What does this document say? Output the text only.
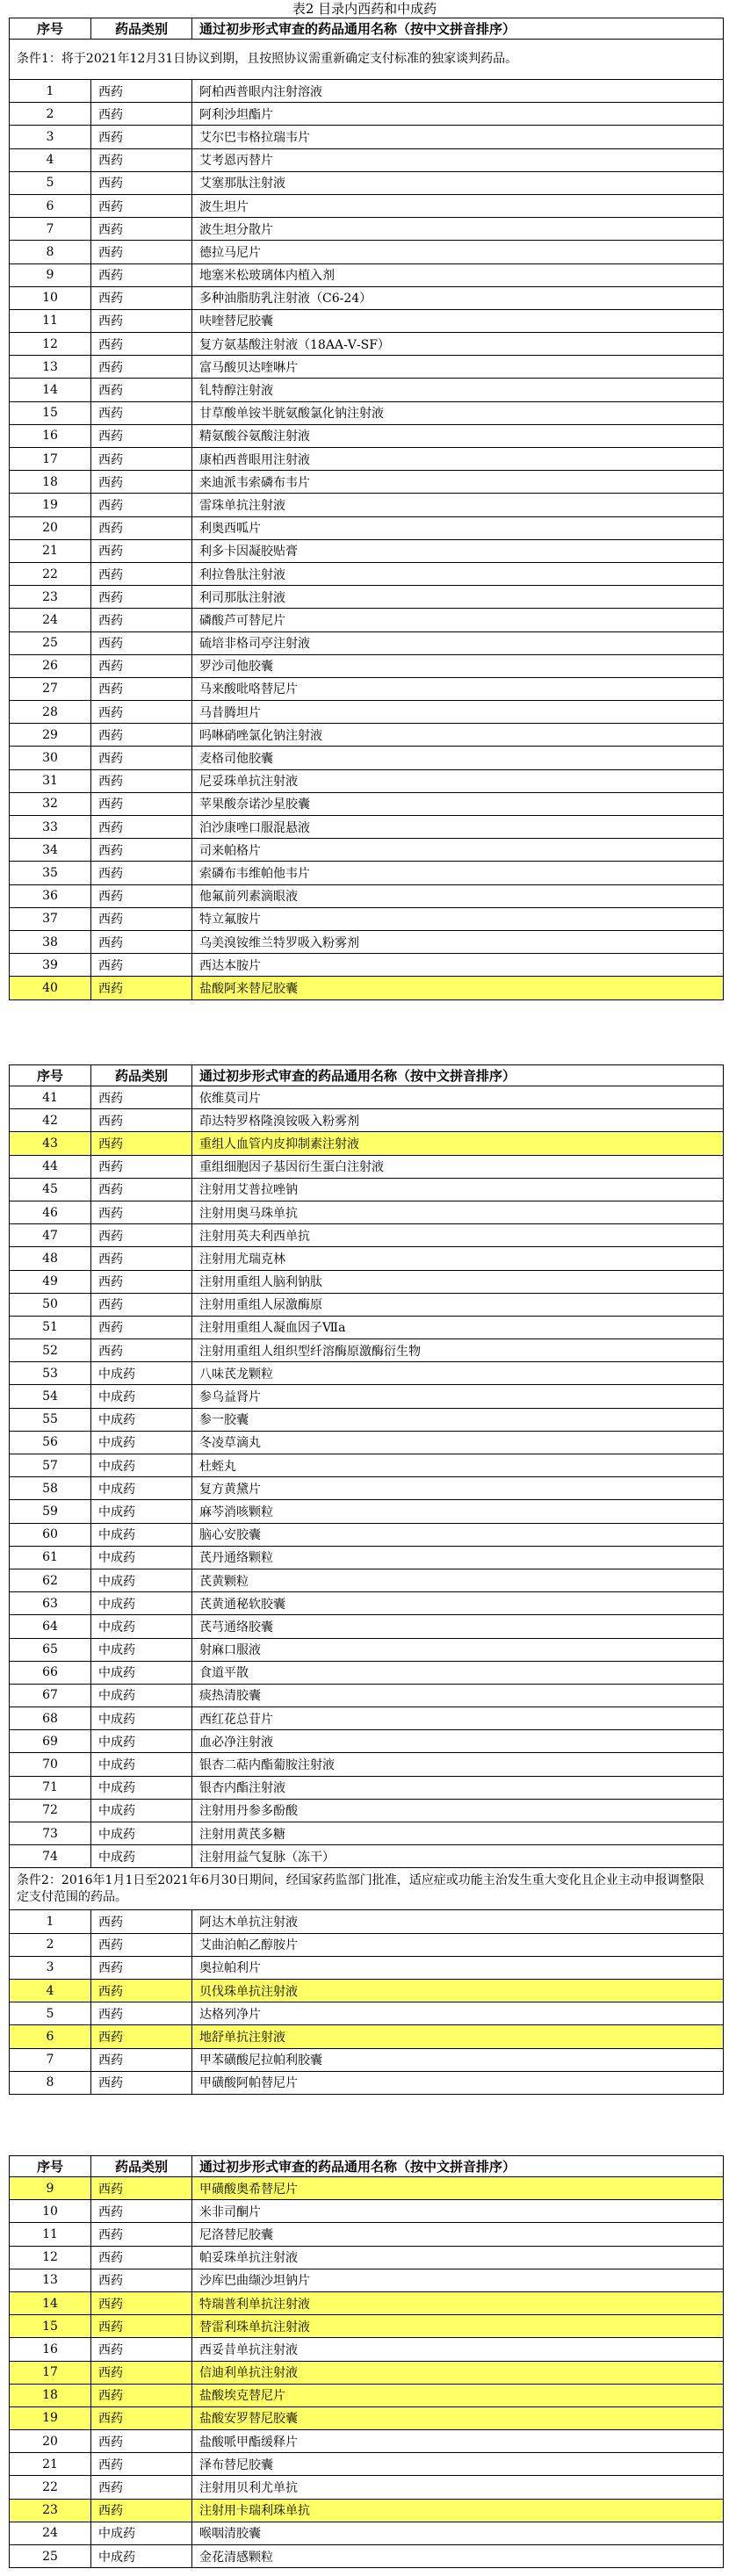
表2 目录内西药和中成药
序号	药品类别	通过初步形式审查的药品通用名称（按中文拼音排序）
条件1：将于2021年12月31日协议到期，且按照协议需重新确定支付标准的独家谈判药品。		
1	西药	阿柏西普眼内注射溶液
2	西药	阿利沙坦酯片
3	西药	艾尔巴韦格拉瑞韦片
4	西药	艾考恩丙替片
5	西药	艾塞那肽注射液
6	西药	波生坦片
7	西药	波生坦分散片
8	西药	德拉马尼片
9	西药	地塞米松玻璃体内植入剂
10	西药	多种油脂肪乳注射液（C6-24）
11	西药	呋喹替尼胶囊
12	西药	复方氨基酸注射液（18AA-Ⅴ-SF）
13	西药	富马酸贝达喹啉片
14	西药	钆特醇注射液
15	西药	甘草酸单铵半胱氨酸氯化钠注射液
16	西药	精氨酸谷氨酸注射液
17	西药	康柏西普眼用注射液
18	西药	来迪派韦索磷布韦片
19	西药	雷珠单抗注射液
20	西药	利奥西呱片
21	西药	利多卡因凝胶贴膏
22	西药	利拉鲁肽注射液
23	西药	利司那肽注射液
24	西药	磷酸芦可替尼片
25	西药	硫培非格司亭注射液
26	西药	罗沙司他胶囊
27	西药	马来酸吡咯替尼片
28	西药	马昔腾坦片
29	西药	吗啉硝唑氯化钠注射液
30	西药	麦格司他胶囊
31	西药	尼妥珠单抗注射液
32	西药	苹果酸奈诺沙星胶囊
33	西药	泊沙康唑口服混悬液
34	西药	司来帕格片
35	西药	索磷布韦维帕他韦片
36	西药	他氟前列素滴眼液
37	西药	特立氟胺片
38	西药	乌美溴铵维兰特罗吸入粉雾剂
39	西药	西达本胺片
40	西药	盐酸阿来替尼胶囊
序号	药品类别	通过初步形式审查的药品通用名称（按中文拼音排序）
41	西药	依维莫司片
42	西药	茚达特罗格隆溴铵吸入粉雾剂
43	西药	重组人血管内皮抑制素注射液
44	西药	重组细胞因子基因衍生蛋白注射液
45	西药	注射用艾普拉唑钠
46	西药	注射用奥马珠单抗
47	西药	注射用英夫利西单抗
48	西药	注射用尤瑞克林
49	西药	注射用重组人脑利钠肽
50	西药	注射用重组人尿激酶原
51	西药	注射用重组人凝血因子Ⅶa
52	西药	注射用重组人组织型纤溶酶原激酶衍生物
53	中成药	八味芪龙颗粒
54	中成药	参乌益肾片
55	中成药	参一胶囊
56	中成药	冬凌草滴丸
57	中成药	杜蛭丸
58	中成药	复方黄黛片
59	中成药	麻芩消咳颗粒
60	中成药	脑心安胶囊
61	中成药	芪丹通络颗粒
62	中成药	芪黄颗粒
63	中成药	芪黄通秘软胶囊
64	中成药	芪芎通络胶囊
65	中成药	射麻口服液
66	中成药	食道平散
67	中成药	痰热清胶囊
68	中成药	西红花总苷片
69	中成药	血必净注射液
70	中成药	银杏二萜内酯葡胺注射液
71	中成药	银杏内酯注射液
72	中成药	注射用丹参多酚酸
73	中成药	注射用黄芪多糖
74	中成药	注射用益气复脉（冻干）
条件2：2016年1月1日至2021年6月30日期间，经国家药监部门批准，适应症或功能主治发生重大变化且企业主动申报调整限定支付范围的药品。		
1	西药	阿达木单抗注射液
2	西药	艾曲泊帕乙醇胺片
3	西药	奥拉帕利片
4	西药	贝伐珠单抗注射液
5	西药	达格列净片
6	西药	地舒单抗注射液
7	西药	甲苯磺酸尼拉帕利胶囊
8	西药	甲磺酸阿帕替尼片
序号	药品类别	通过初步形式审查的药品通用名称（按中文拼音排序）
9	西药	甲磺酸奥希替尼片
10	西药	米非司酮片
11	西药	尼洛替尼胶囊
12	西药	帕妥珠单抗注射液
13	西药	沙库巴曲缬沙坦钠片
14	西药	特瑞普利单抗注射液
15	西药	替雷利珠单抗注射液
16	西药	西妥昔单抗注射液
17	西药	信迪利单抗注射液
18	西药	盐酸埃克替尼片
19	西药	盐酸安罗替尼胶囊
20	西药	盐酸哌甲酯缓释片
21	西药	泽布替尼胶囊
22	西药	注射用贝利尤单抗
23	西药	注射用卡瑞利珠单抗
24	中成药	喉咽清胶囊
25	中成药	金花清感颗粒
